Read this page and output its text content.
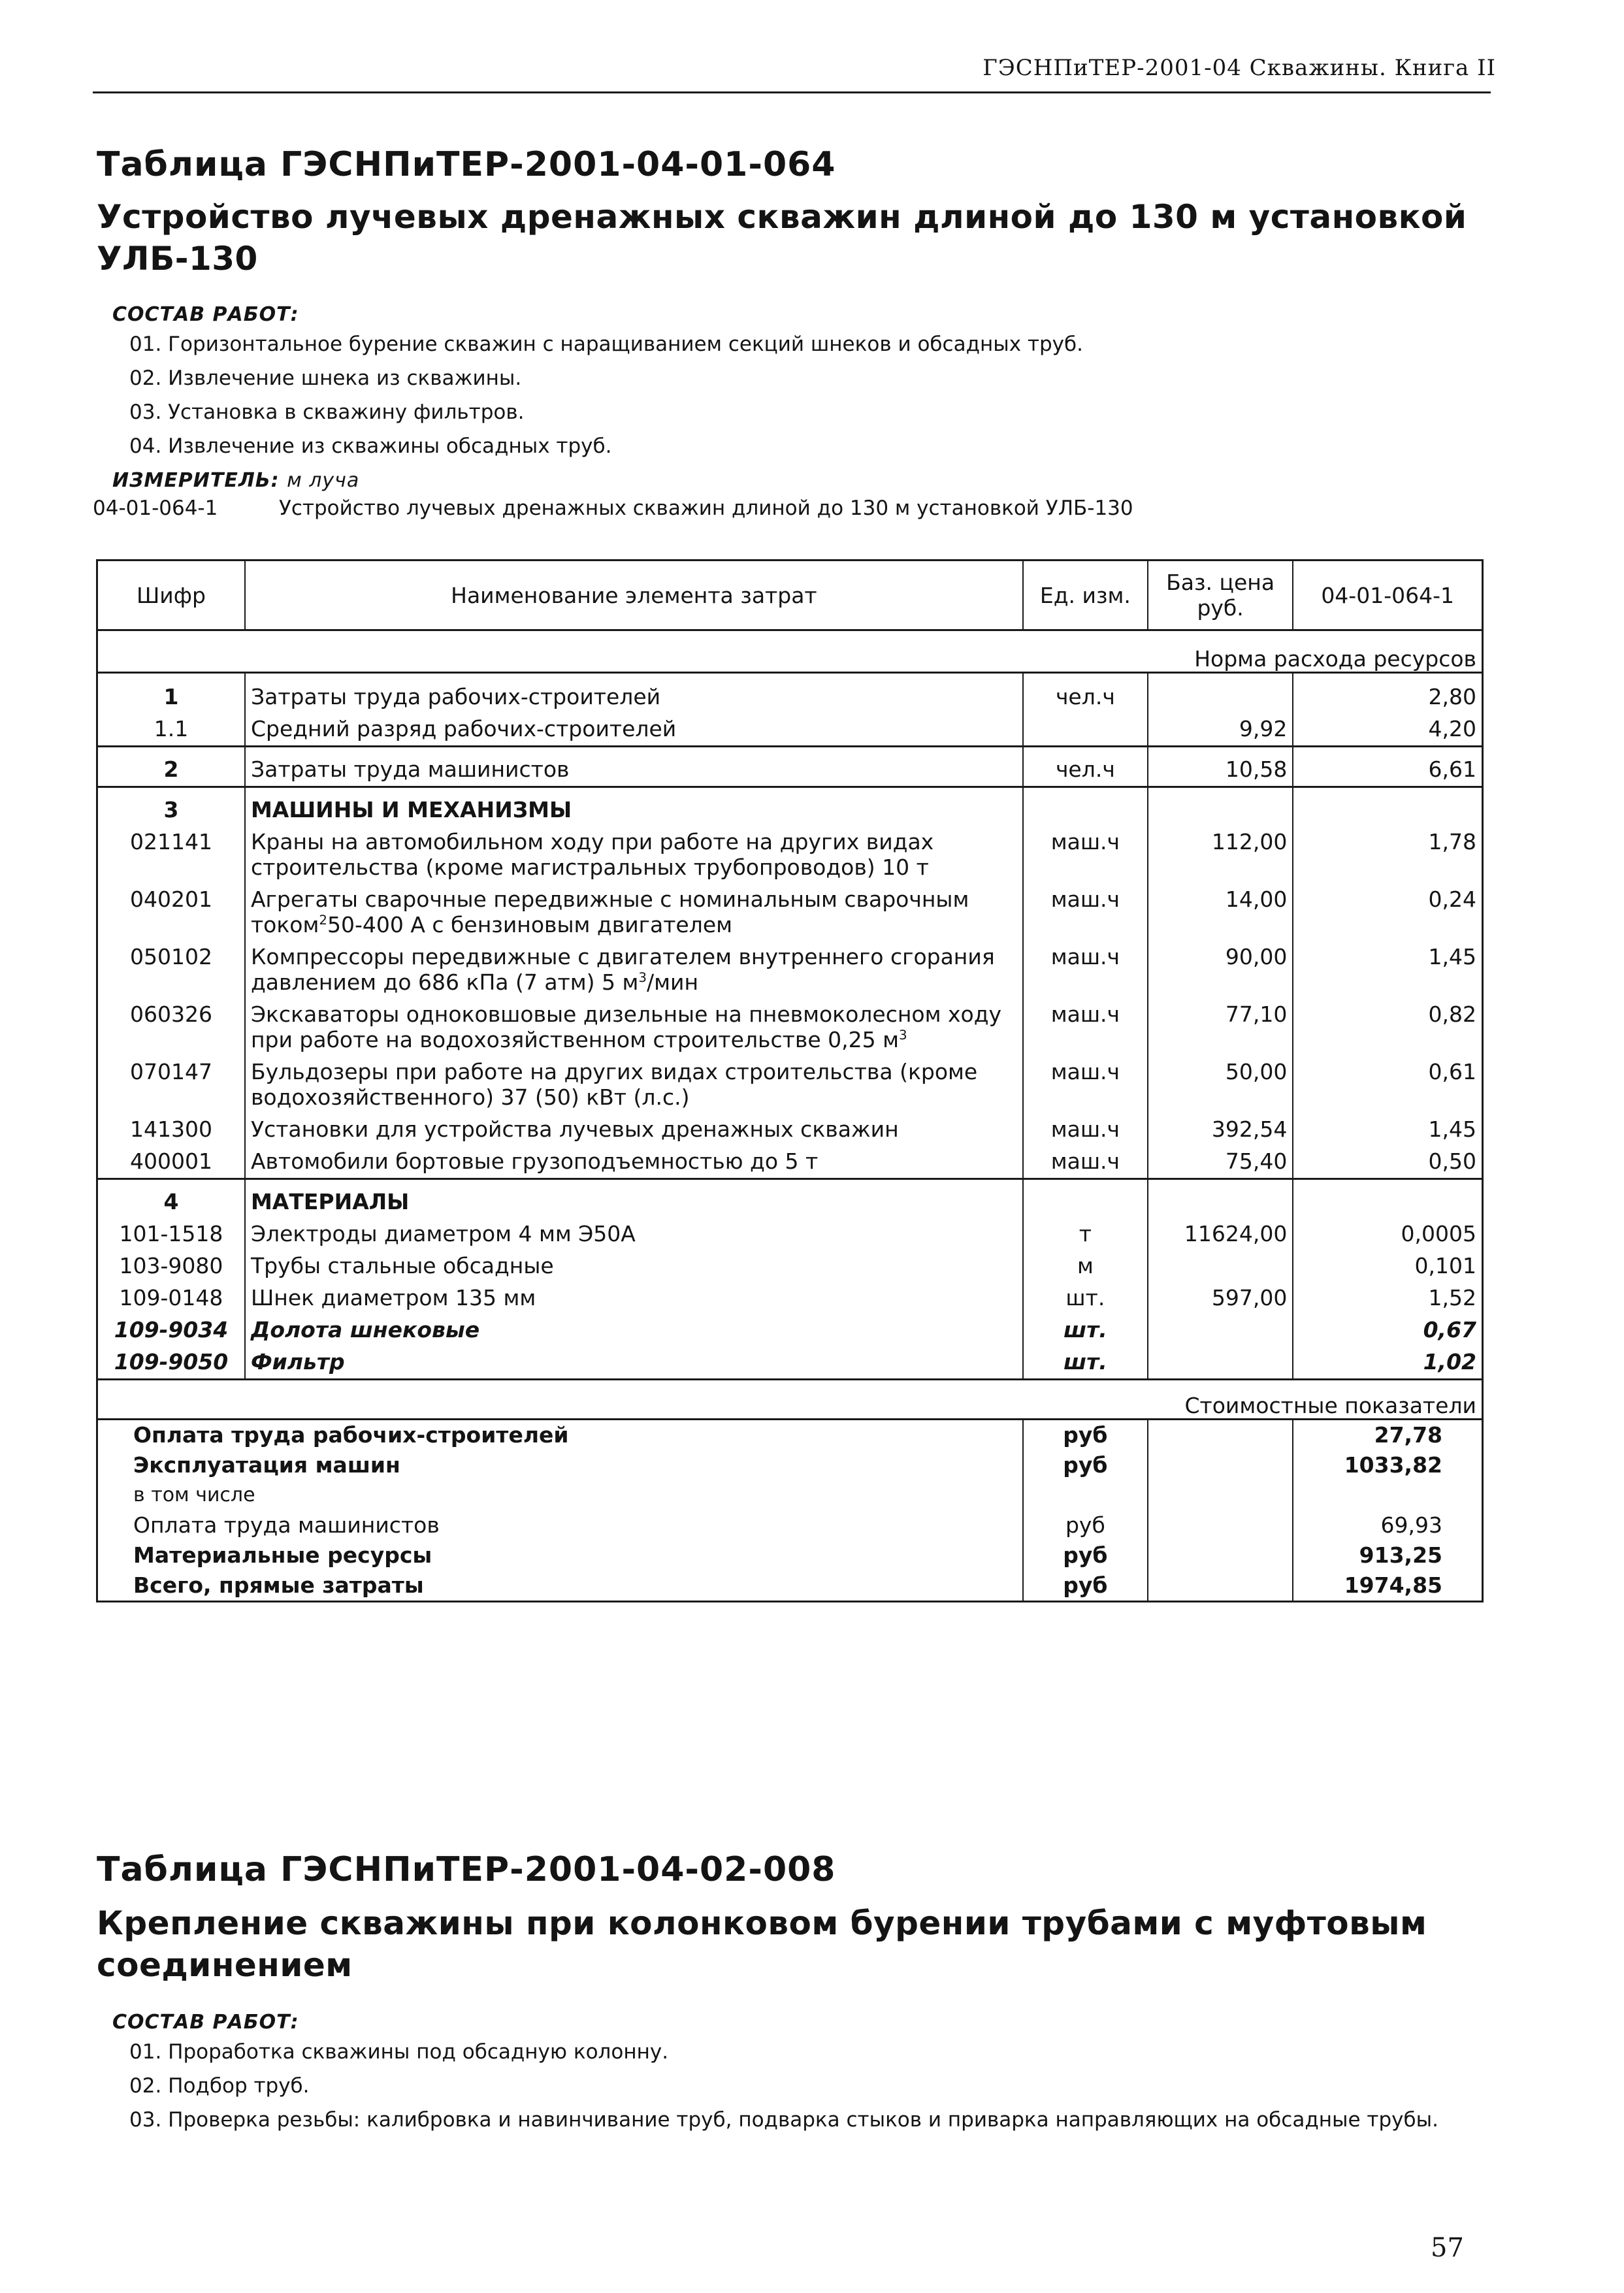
ГЭСНПиТЕР-2001-04 Скважины. Книга II
Таблица ГЭСНПиТЕР-2001-04-01-064
Устройство лучевых дренажных скважин длиной до 130 м установкой УЛБ-130
СОСТАВ РАБОТ:
01. Горизонтальное бурение скважин с наращиванием секций шнеков и обсадных труб.
02. Извлечение шнека из скважины.
03. Установка в скважину фильтров.
04. Извлечение из скважины обсадных труб.
ИЗМЕРИТЕЛЬ: м луча
04-01-064-1	Устройство лучевых дренажных скважин длиной до 130 м установкой УЛБ-130
Шифр	Наименование элемента затрат	Ед. изм.	Баз. цена руб.	04-01-064-1
			Норма расхода ресурсов	
1	Затраты труда рабочих-строителей	чел.ч		2,80
1.1	Средний разряд рабочих-строителей		9,92	4,20
2	Затраты труда машинистов	чел.ч	10,58	6,61
3	МАШИНЫ И МЕХАНИЗМЫ			
021141	Краны на автомобильном ходу при работе на других видах строительства (кроме магистральных трубопроводов) 10 т	маш.ч	112,00	1,78
040201	Агрегаты сварочные передвижные с номинальным сварочным током$^2$50-400 А с бензиновым двигателем	маш.ч	14,00	0,24
050102	Компрессоры передвижные с двигателем внутреннего сгорания давлением до 686 кПа (7 атм) 5 $м^3$/мин	маш.ч	90,00	1,45
060326	Экскаваторы одноковшовые дизельные на пневмоколесном ходу при работе на водохозяйственном строительстве 0,25 $м^3$	маш.ч	77,10	0,82
070147	Бульдозеры при работе на других видах строительства (кроме водохозяйственного) 37 (50) кВт (л.с.)	маш.ч	50,00	0,61
141300	Установки для устройства лучевых дренажных скважин	маш.ч	392,54	1,45
400001	Автомобили бортовые грузоподъемностью до 5 т	маш.ч	75,40	0,50
4	МАТЕРИАЛЫ			
101-1518	Электроды диаметром 4 мм Э50А	т	11624,00	0,0005
103-9080	Трубы стальные обсадные	м		0,101
109-0148	Шнек диаметром 135 мм	шт.	597,00	1,52
109-9034	Долота шнековые	шт.		0,67
109-9050	Фильтр	шт.		1,02
			Стоимостные показатели	
Оплата труда рабочих-строителей		руб		27,78
Эксплуатация машин		руб		1033,82
в том числе				
Оплата труда машинистов		руб		69,93
Материальные ресурсы		руб		913,25
Всего, прямые затраты		руб		1974,85
Таблица ГЭСНПиТЕР-2001-04-02-008
Крепление скважины при колонковом бурении трубами с муфтовым соединением
СОСТАВ РАБОТ:
01. Проработка скважины под обсадную колонну.
02. Подбор труб.
03. Проверка резьбы: калибровка и навинчивание труб, подварка стыков и приварка направляющих на обсадные трубы.
57
